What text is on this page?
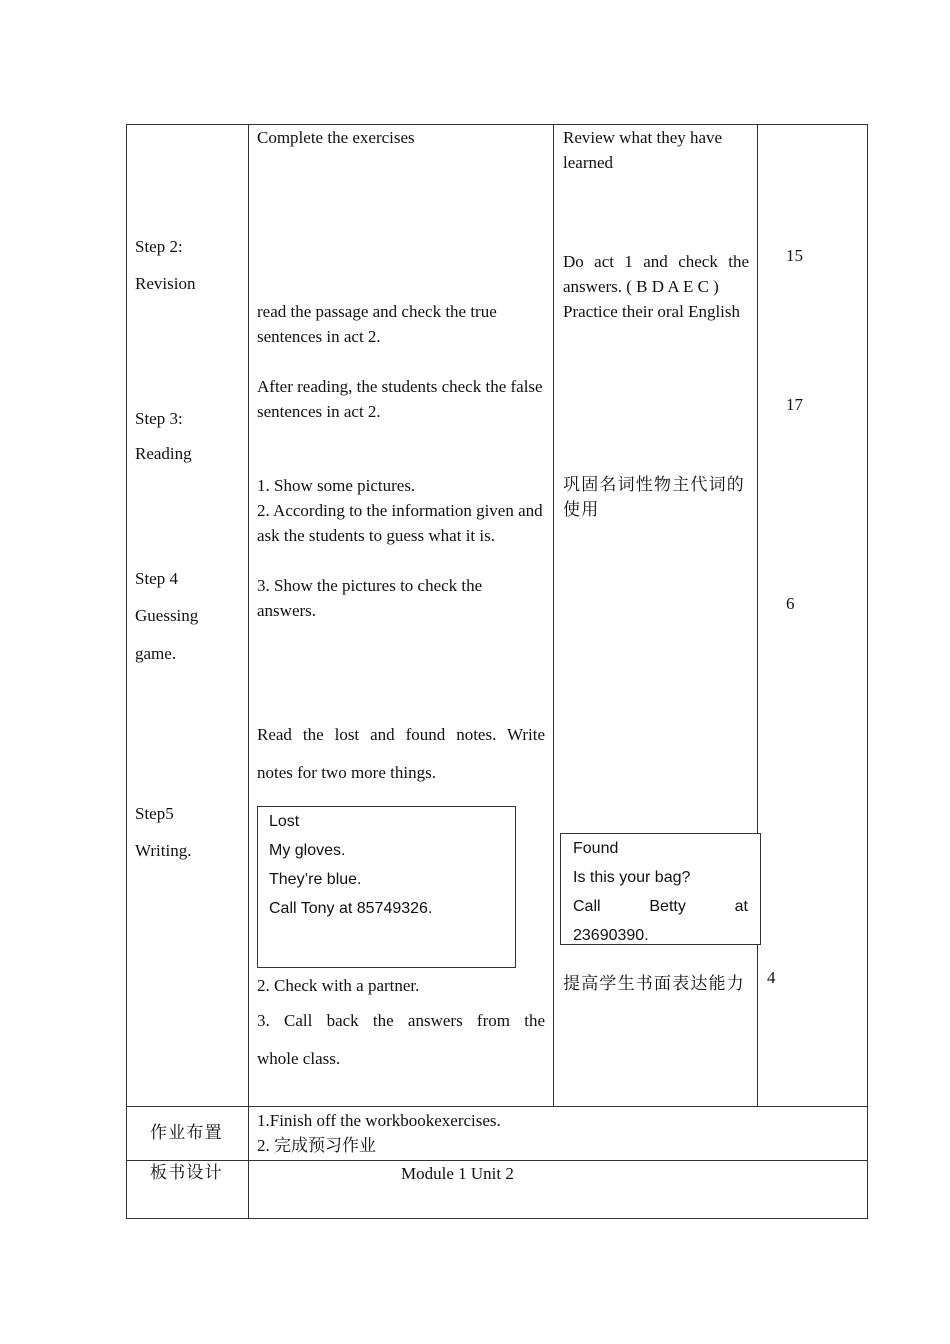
Step 2:
Revision
Step 3:
Reading
Step 4
Guessing
game.
Step5
Writing.
Complete the exercises
read the passage and check the true sentences in act 2.
After reading, the students check the false sentences in act 2.
1. Show some pictures.
2. According to the information given and ask the students to guess what it is.
3. Show the pictures to check the answers.
Read the lost and found notes. Write
notes for two more things.
Lost
My gloves.
They’re blue.
Call Tony at 85749326.
2. Check with a partner.
3. Call back the answers from the
whole class.
Review what they have learned
Do act 1 and check the answers. ( B D A E C )
Practice their oral English
巩固名词性物主代词的使用
Found
Is this your bag?
Call Betty at
23690390.
提高学生书面表达能力
15
17
6
4
作业布置
1.Finish off the workbookexercises.
2. 完成预习作业
板书设计	Module 1 Unit 2
